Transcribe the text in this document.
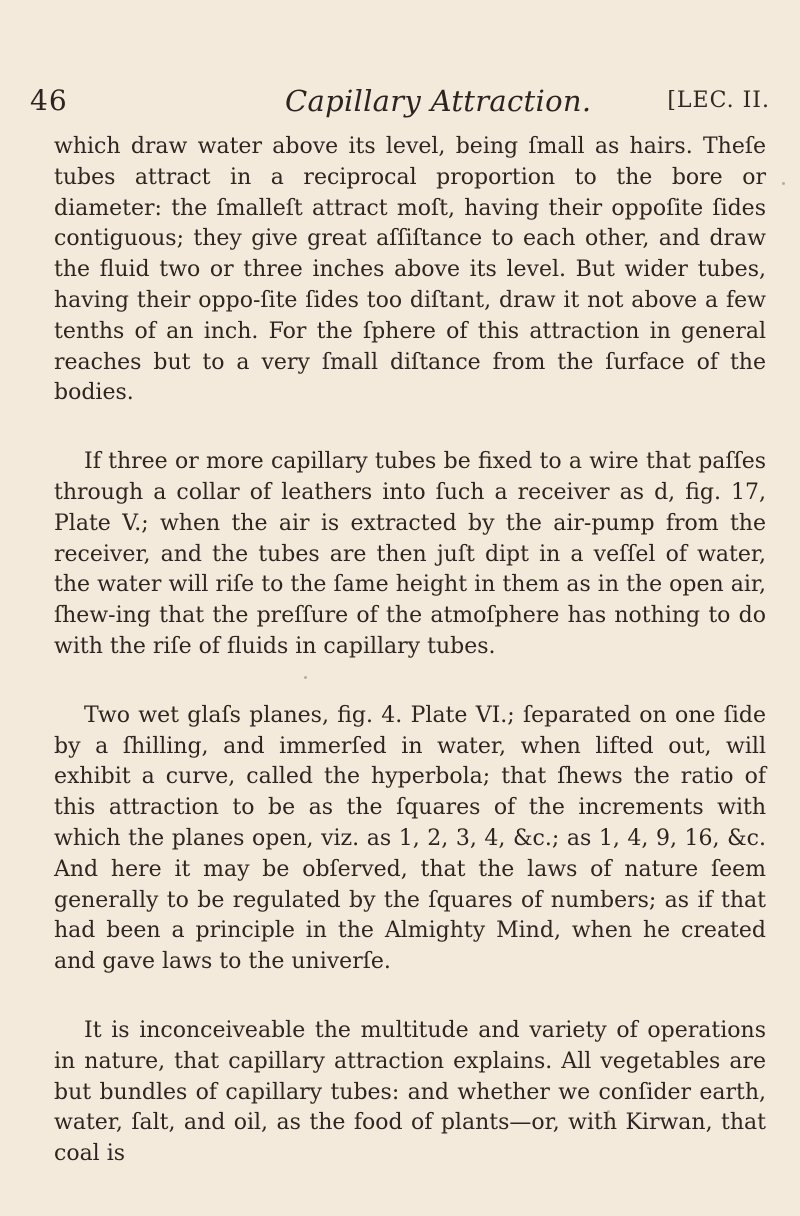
46	Capillary Attraction.	[LEC. II.

which draw water above its level, being ſmall as hairs. Theſe tubes attract in a reciprocal proportion to the bore or diameter: the ſmalleſt attract moſt, having their oppoſite ſides contiguous; they give great aſſiſtance to each other, and draw the fluid two or three inches above its level. But wider tubes, having their oppo-ſite ſides too diſtant, draw it not above a few tenths of an inch. For the ſphere of this attraction in general reaches but to a very ſmall diſtance from the ſurface of the bodies.

If three or more capillary tubes be fixed to a wire that paſſes through a collar of leathers into ſuch a receiver as d, fig. 17, Plate V.; when the air is extracted by the air-pump from the receiver, and the tubes are then juſt dipt in a veſſel of water, the water will riſe to the ſame height in them as in the open air, ſhew-ing that the preſſure of the atmoſphere has nothing to do with the riſe of fluids in capillary tubes.

Two wet glaſs planes, fig. 4. Plate VI.; ſeparated on one ſide by a ſhilling, and immerſed in water, when lifted out, will exhibit a curve, called the hyperbola; that ſhews the ratio of this attraction to be as the ſquares of the increments with which the planes open, viz. as 1, 2, 3, 4, &c.; as 1, 4, 9, 16, &c. And here it may be obſerved, that the laws of nature ſeem generally to be regulated by the ſquares of numbers; as if that had been a principle in the Almighty Mind, when he created and gave laws to the univerſe.

It is inconceiveable the multitude and variety of operations in nature, that capillary attraction explains. All vegetables are but bundles of capillary tubes: and whether we conſider earth, water, ſalt, and oil, as the food of plants—or, with Kirwan, that coal is
